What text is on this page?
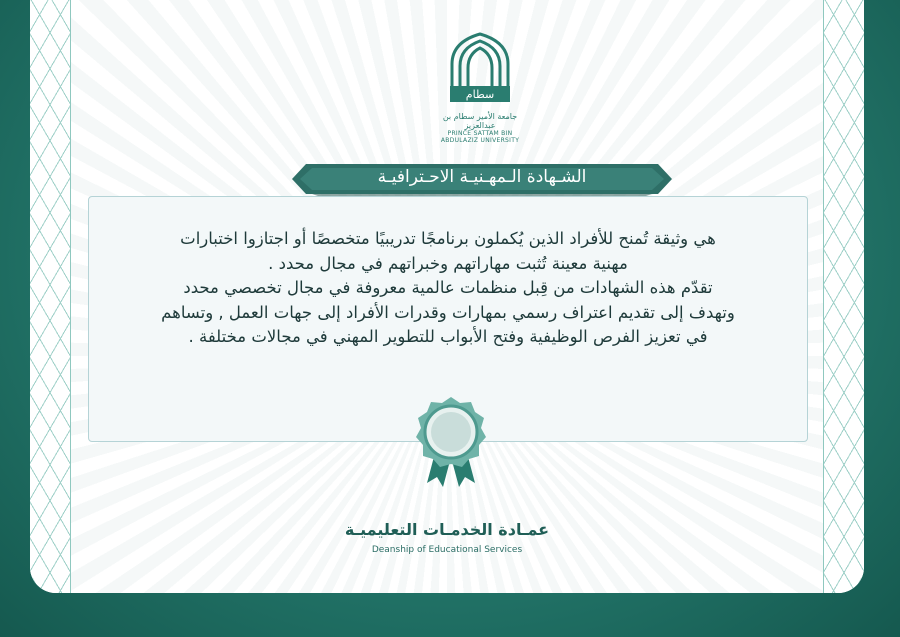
سطام
جامعة الأمير سطام بن عبدالعزيز
PRINCE SATTAM BIN ABDULAZIZ UNIVERSITY
الشـهادة الـمهـنيـة الاحـترافيـة

هي وثيقة تُمنح للأفراد الذين يُكملون برنامجًا تدريبيًا متخصصًا أو اجتازوا اختبارات
مهنية معينة تُثبت مهاراتهم وخبراتهم في مجال محدد .
تقدّم هذه الشهادات من قِبل منظمات عالمية معروفة في مجال تخصصي محدد
وتهدف إلى تقديم اعتراف رسمي بمهارات وقدرات الأفراد إلى جهات العمل , وتساهم
في تعزيز الفرص الوظيفية وفتح الأبواب للتطوير المهني في مجالات مختلفة .

عمـادة الخدمـات التعليميـة
Deanship of Educational Services
